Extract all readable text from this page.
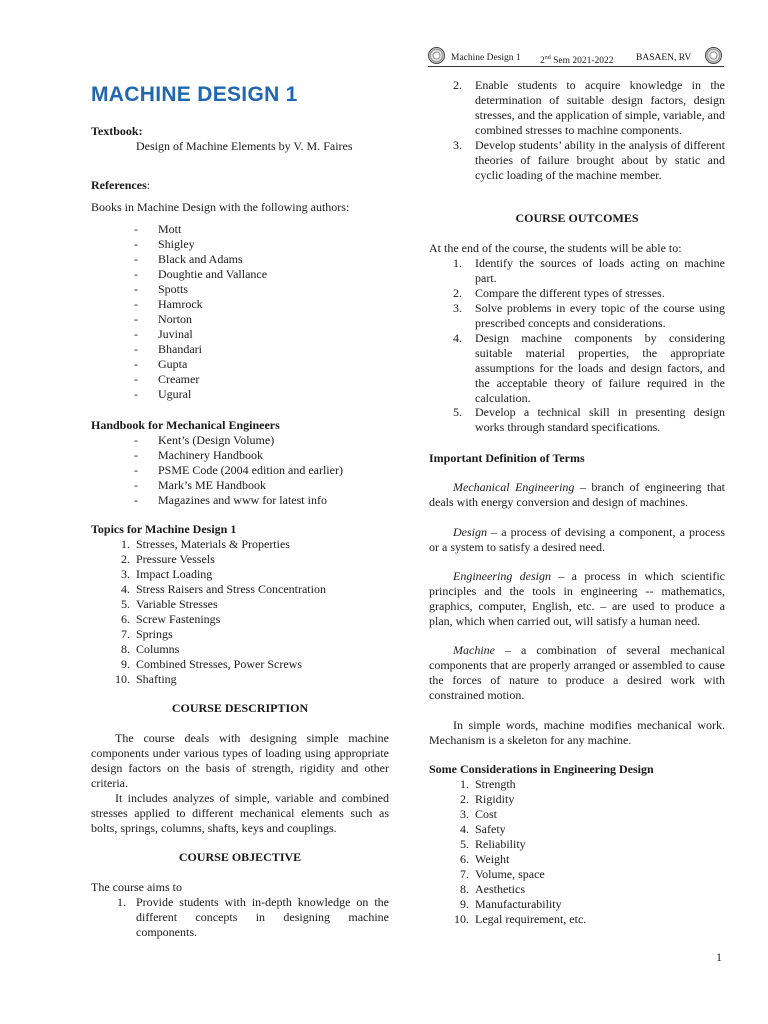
Machine Design 1 2nd Sem 2021-2022 BASAEN, RV
MACHINE DESIGN 1
Textbook:
Design of Machine Elements by V. M. Faires
References:
Books in Machine Design with the following authors:
- Mott
- Shigley
- Black and Adams
- Doughtie and Vallance
- Spotts
- Hamrock
- Norton
- Juvinal
- Bhandari
- Gupta
- Creamer
- Ugural
Handbook for Mechanical Engineers
- Kent’s (Design Volume)
- Machinery Handbook
- PSME Code (2004 edition and earlier)
- Mark’s ME Handbook
- Magazines and www for latest info
Topics for Machine Design 1
1. Stresses, Materials & Properties
2. Pressure Vessels
3. Impact Loading
4. Stress Raisers and Stress Concentration
5. Variable Stresses
6. Screw Fastenings
7. Springs
8. Columns
9. Combined Stresses, Power Screws
10. Shafting
COURSE DESCRIPTION
The course deals with designing simple machine components under various types of loading using appropriate design factors on the basis of strength, rigidity and other criteria.
It includes analyzes of simple, variable and combined stresses applied to different mechanical elements such as bolts, springs, columns, shafts, keys and couplings.
COURSE OBJECTIVE
The course aims to
1. Provide students with in-depth knowledge on the different concepts in designing machine components.
2. Enable students to acquire knowledge in the determination of suitable design factors, design stresses, and the application of simple, variable, and combined stresses to machine components.
3. Develop students’ ability in the analysis of different theories of failure brought about by static and cyclic loading of the machine member.
COURSE OUTCOMES
At the end of the course, the students will be able to:
1. Identify the sources of loads acting on machine part.
2. Compare the different types of stresses.
3. Solve problems in every topic of the course using prescribed concepts and considerations.
4. Design machine components by considering suitable material properties, the appropriate assumptions for the loads and design factors, and the acceptable theory of failure required in the calculation.
5. Develop a technical skill in presenting design works through standard specifications.
Important Definition of Terms
Mechanical Engineering – branch of engineering that deals with energy conversion and design of machines.
Design – a process of devising a component, a process or a system to satisfy a desired need.
Engineering design – a process in which scientific principles and the tools in engineering -- mathematics, graphics, computer, English, etc. – are used to produce a plan, which when carried out, will satisfy a human need.
Machine – a combination of several mechanical components that are properly arranged or assembled to cause the forces of nature to produce a desired work with constrained motion.
In simple words, machine modifies mechanical work. Mechanism is a skeleton for any machine.
Some Considerations in Engineering Design
1. Strength
2. Rigidity
3. Cost
4. Safety
5. Reliability
6. Weight
7. Volume, space
8. Aesthetics
9. Manufacturability
10. Legal requirement, etc.
1
